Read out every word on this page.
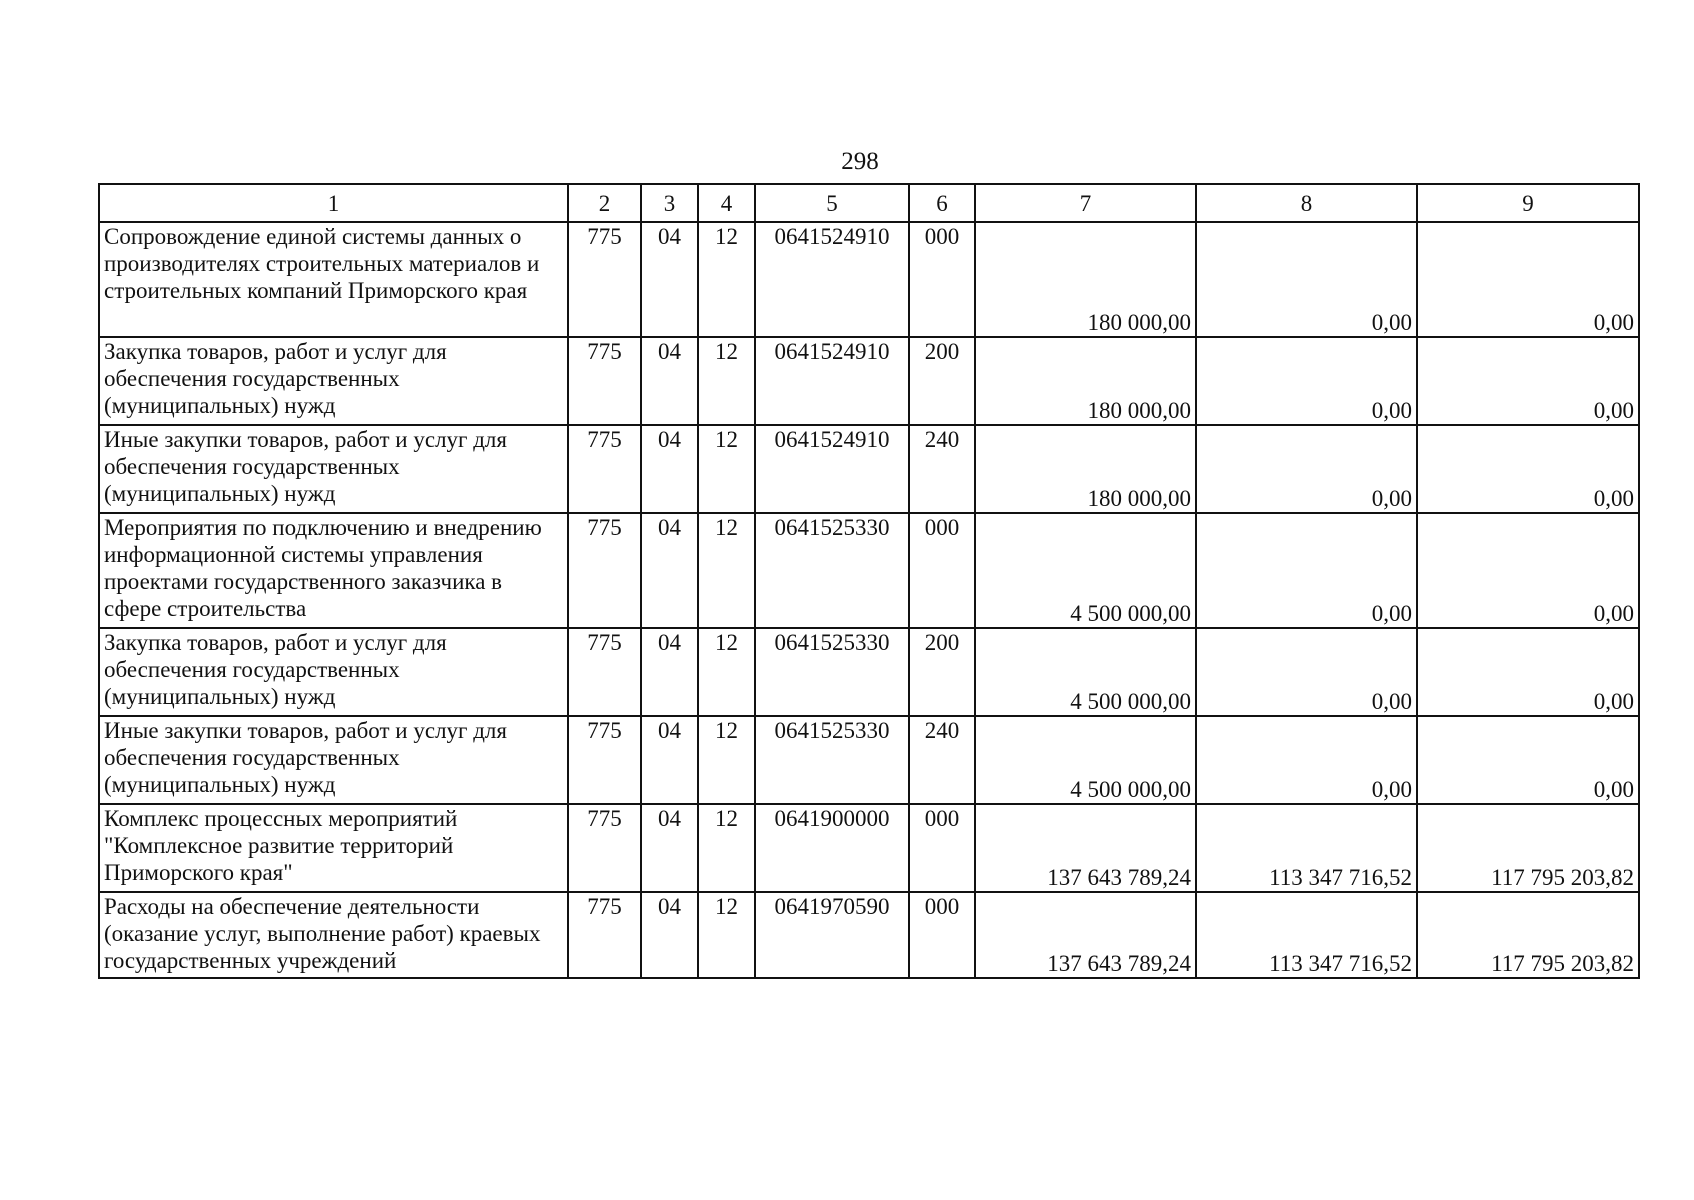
298
1	2	3	4	5	6	7	8	9
Сопровождение единой системы данных о производителях строительных материалов и строительных компаний Приморского края	775	04	12	0641524910	000	180 000,00	0,00	0,00
Закупка товаров, работ и услуг для обеспечения государственных (муниципальных) нужд	775	04	12	0641524910	200	180 000,00	0,00	0,00
Иные закупки товаров, работ и услуг для обеспечения государственных (муниципальных) нужд	775	04	12	0641524910	240	180 000,00	0,00	0,00
Мероприятия по подключению и внедрению информационной системы управления проектами государственного заказчика в сфере строительства	775	04	12	0641525330	000	4 500 000,00	0,00	0,00
Закупка товаров, работ и услуг для обеспечения государственных (муниципальных) нужд	775	04	12	0641525330	200	4 500 000,00	0,00	0,00
Иные закупки товаров, работ и услуг для обеспечения государственных (муниципальных) нужд	775	04	12	0641525330	240	4 500 000,00	0,00	0,00
Комплекс процессных мероприятий "Комплексное развитие территорий Приморского края"	775	04	12	0641900000	000	137 643 789,24	113 347 716,52	117 795 203,82
Расходы на обеспечение деятельности (оказание услуг, выполнение работ) краевых государственных учреждений	775	04	12	0641970590	000	137 643 789,24	113 347 716,52	117 795 203,82
